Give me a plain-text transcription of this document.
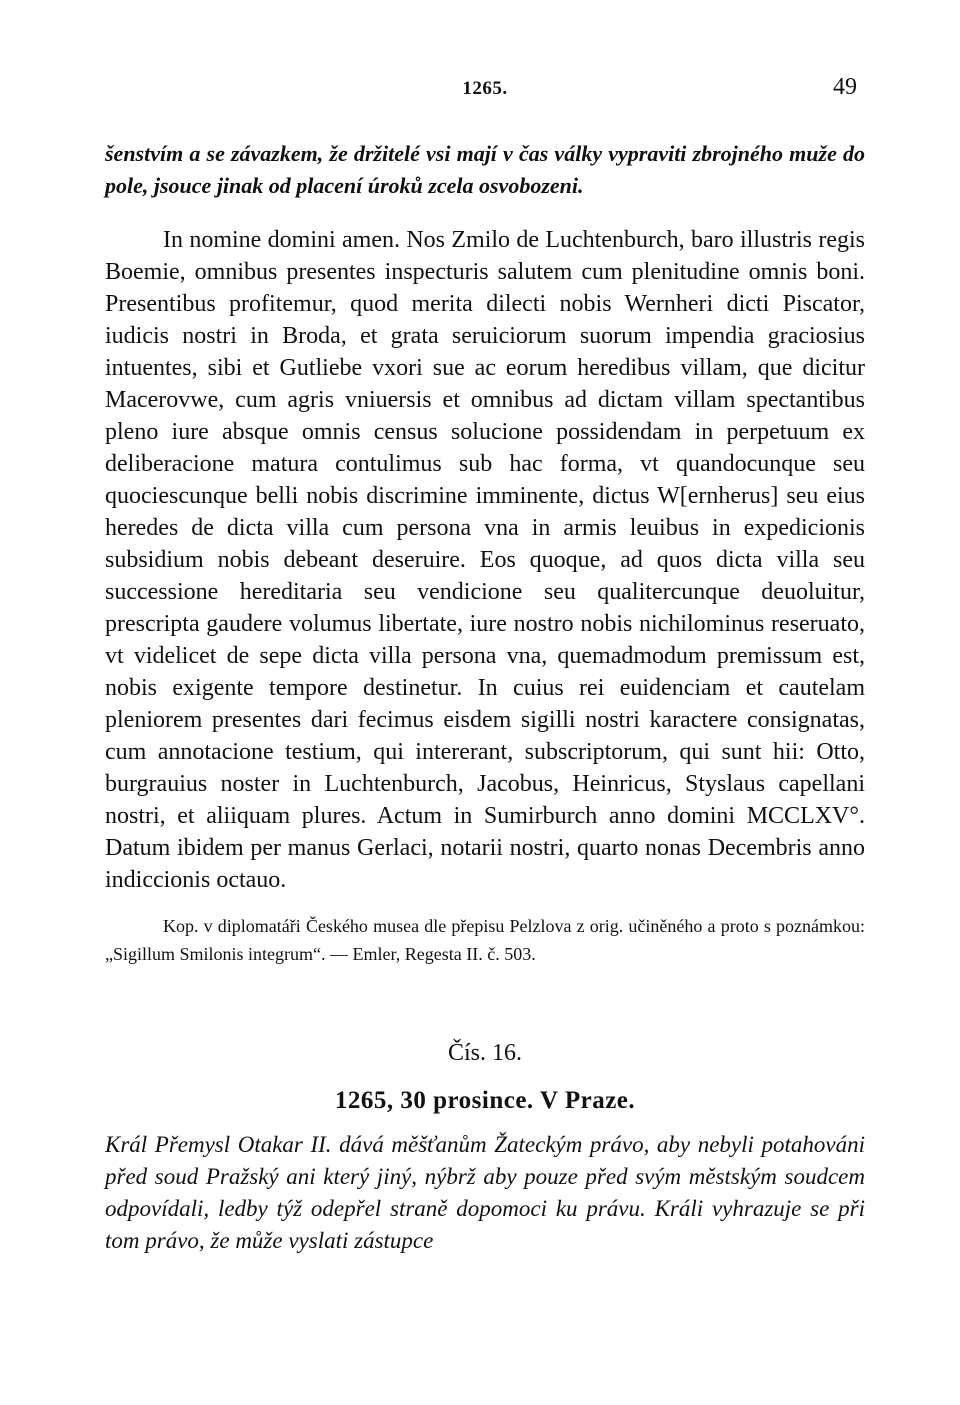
1265.	49
šenstvím a se závazkem, že držitelé vsi mají v čas války vypraviti zbrojného muže do pole, jsouce jinak od placení úroků zcela osvobozeni.
In nomine domini amen. Nos Zmilo de Luchtenburch, baro illustris regis Boemie, omnibus presentes inspecturis salutem cum plenitudine omnis boni. Presentibus profitemur, quod merita dilecti nobis Wernheri dicti Piscator, iudicis nostri in Broda, et grata seruiciorum suorum impendia graciosius intuentes, sibi et Gutliebe vxori sue ac eorum heredibus villam, que dicitur Macerovwe, cum agris vniuersis et omnibus ad dictam villam spectantibus pleno iure absque omnis census solucione possidendam in perpetuum ex deliberacione matura contulimus sub hac forma, vt quandocunque seu quociescunque belli nobis discrimine imminente, dictus W[ernherus] seu eius heredes de dicta villa cum persona vna in armis leuibus in expedicionis subsidium nobis debeant deseruire. Eos quoque, ad quos dicta villa seu successione hereditaria seu vendicione seu qualitercunque deuoluitur, prescripta gaudere volumus libertate, iure nostro nobis nichilominus reseruato, vt videlicet de sepe dicta villa persona vna, quemadmodum premissum est, nobis exigente tempore destinetur. In cuius rei euidenciam et cautelam pleniorem presentes dari fecimus eisdem sigilli nostri karactere consignatas, cum annotacione testium, qui intererant, subscriptorum, qui sunt hii: Otto, burgrauius noster in Luchtenburch, Jacobus, Heinricus, Styslaus capellani nostri, et aliiquam plures. Actum in Sumirburch anno domini MCCLXV°. Datum ibidem per manus Gerlaci, notarii nostri, quarto nonas Decembris anno indiccionis octauo.
Kop. v diplomatáři Českého musea dle přepisu Pelzlova z orig. učiněného a proto s poznámkou: „Sigillum Smilonis integrum“. — Emler, Regesta II. č. 503.
Čís. 16.
1265, 30 prosince. V Praze.
Král Přemysl Otakar II. dává měšťanům Žateckým právo, aby nebyli potahováni před soud Pražský ani který jiný, nýbrž aby pouze před svým městským soudcem odpovídali, ledby týž odepřel straně dopomoci ku právu. Králi vyhrazuje se při tom právo, že může vyslati zástupce
